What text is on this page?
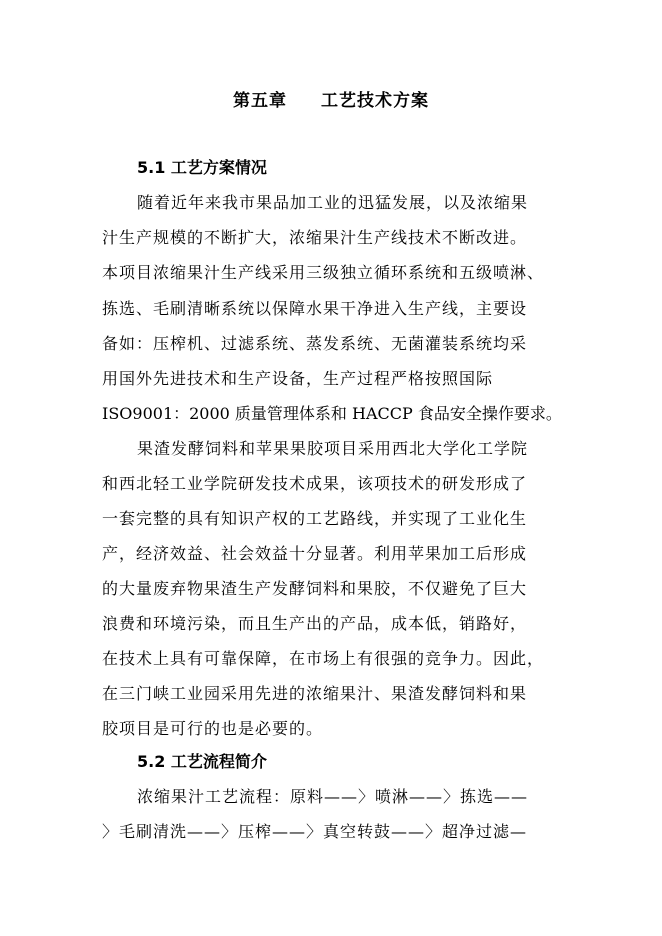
第五章 工艺技术方案
5.1 工艺方案情况
随着近年来我市果品加工业的迅猛发展，以及浓缩果
汁生产规模的不断扩大，浓缩果汁生产线技术不断改进。
本项目浓缩果汁生产线采用三级独立循环系统和五级喷淋、
拣选、毛刷清晰系统以保障水果干净进入生产线，主要设
备如：压榨机、过滤系统、蒸发系统、无菌灌装系统均采
用国外先进技术和生产设备，生产过程严格按照国际
ISO9001：2000 质量管理体系和 HACCP 食品安全操作要求。
果渣发酵饲料和苹果果胶项目采用西北大学化工学院
和西北轻工业学院研发技术成果，该项技术的研发形成了
一套完整的具有知识产权的工艺路线，并实现了工业化生
产，经济效益、社会效益十分显著。利用苹果加工后形成
的大量废弃物果渣生产发酵饲料和果胶，不仅避免了巨大
浪费和环境污染，而且生产出的产品，成本低，销路好，
在技术上具有可靠保障，在市场上有很强的竞争力。因此，
在三门峡工业园采用先进的浓缩果汁、果渣发酵饲料和果
胶项目是可行的也是必要的。
5.2 工艺流程简介
浓缩果汁工艺流程：原料——〉喷淋——〉拣选——
〉毛刷清洗——〉压榨——〉真空转鼓——〉超净过滤—
